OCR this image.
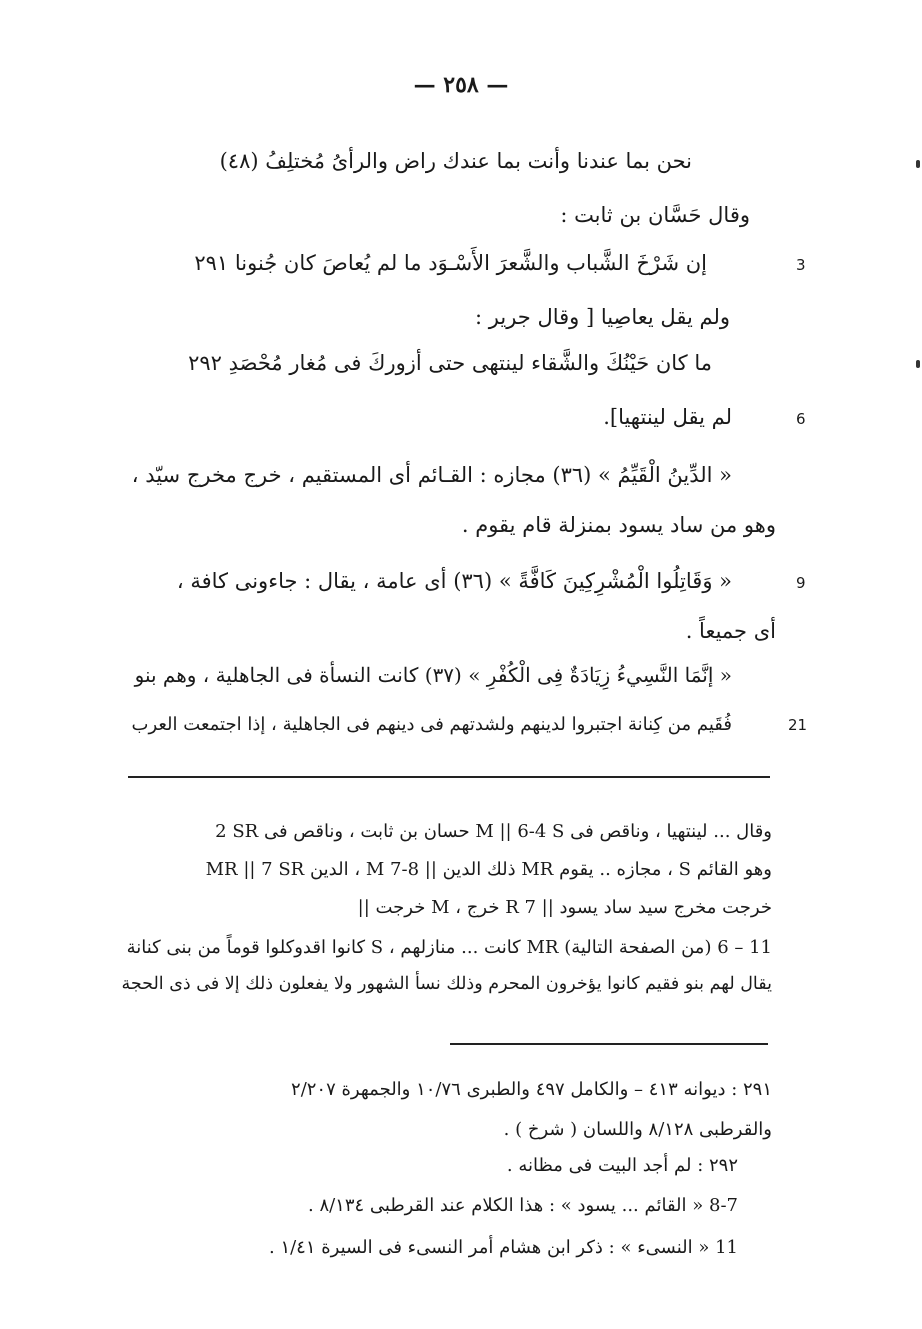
— ٢٥٨ —
نحن بما عندنا وأنت بما عندك راض والرأىُ مُختلِفُ (٤٨)
وقال حَسَّان بن ثابت :
إن شَرْخَ الشَّباب والشَّعرَ الأَسْـوَد ما لم يُعاصَ كان جُنونا ٢٩١	3
ولم يقل يعاصِيا [ وقال جرير :
ما كان حَيْنُكَ والشَّقاء لينتهى حتى أزوركَ فى مُغار مُحْصَدِ ٢٩٢
لم يقل لينتهيا].	6
« الدِّينُ الْقَيِّمُ » (٣٦) مجازه : القـائم أى المستقيم ، خرج مخرج سيّد ،
وهو من ساد يسود بمنزلة قام يقوم .
« وَقَاتِلُوا الْمُشْرِكِينَ كَافَّةً » (٣٦) أى عامة ، يقال : جاءونى كافة ،	9
أى جميعاً .
« إنَّمَا النَّسِيءُ زِيَادَةٌ فِى الْكُفْرِ » (٣٧) كانت النسأة فى الجاهلية ، وهم بنو
فُقَيم من كِنانة اجتبروا لدينهم ولشدتهم فى دينهم فى الجاهلية ، إذا اجتمعت العرب	21
2 SR حسان بن ثابت ، وناقص فى M || 6-4 S وقال ... لينتهيا ، وناقص فى
MR || 7 SR الدين ، M ذلك الدين || 8-7 MR مجازه .. يقوم ، S وهو القائم
خرجت مخرج سيد ساد يسود || 7 R خرج ، M خرجت ||
11 – 6 (من الصفحة التالية) MR كانت ... منازلهم ، S كانوا اقدوكلوا قوماً من بنى كنانة
يقال لهم بنو فقيم كانوا يؤخرون المحرم وذلك نسأ الشهور ولا يفعلون ذلك إلا فى ذى الحجة
٢٩١ : ديوانه ٤١٣ – والكامل ٤٩٧ والطبرى ١٠/٧٦ والجمهرة ٢/٢٠٧
والقرطبى ٨/١٢٨ واللسان ( شرخ ) .
٢٩٢ : لم أجد البيت فى مظانه .
8-7 « القائم ... يسود » : هذا الكلام عند القرطبى ٨/١٣٤ .
11 « النسىء » : ذكر ابن هشام أمر النسىء فى السيرة ١/٤١ .
